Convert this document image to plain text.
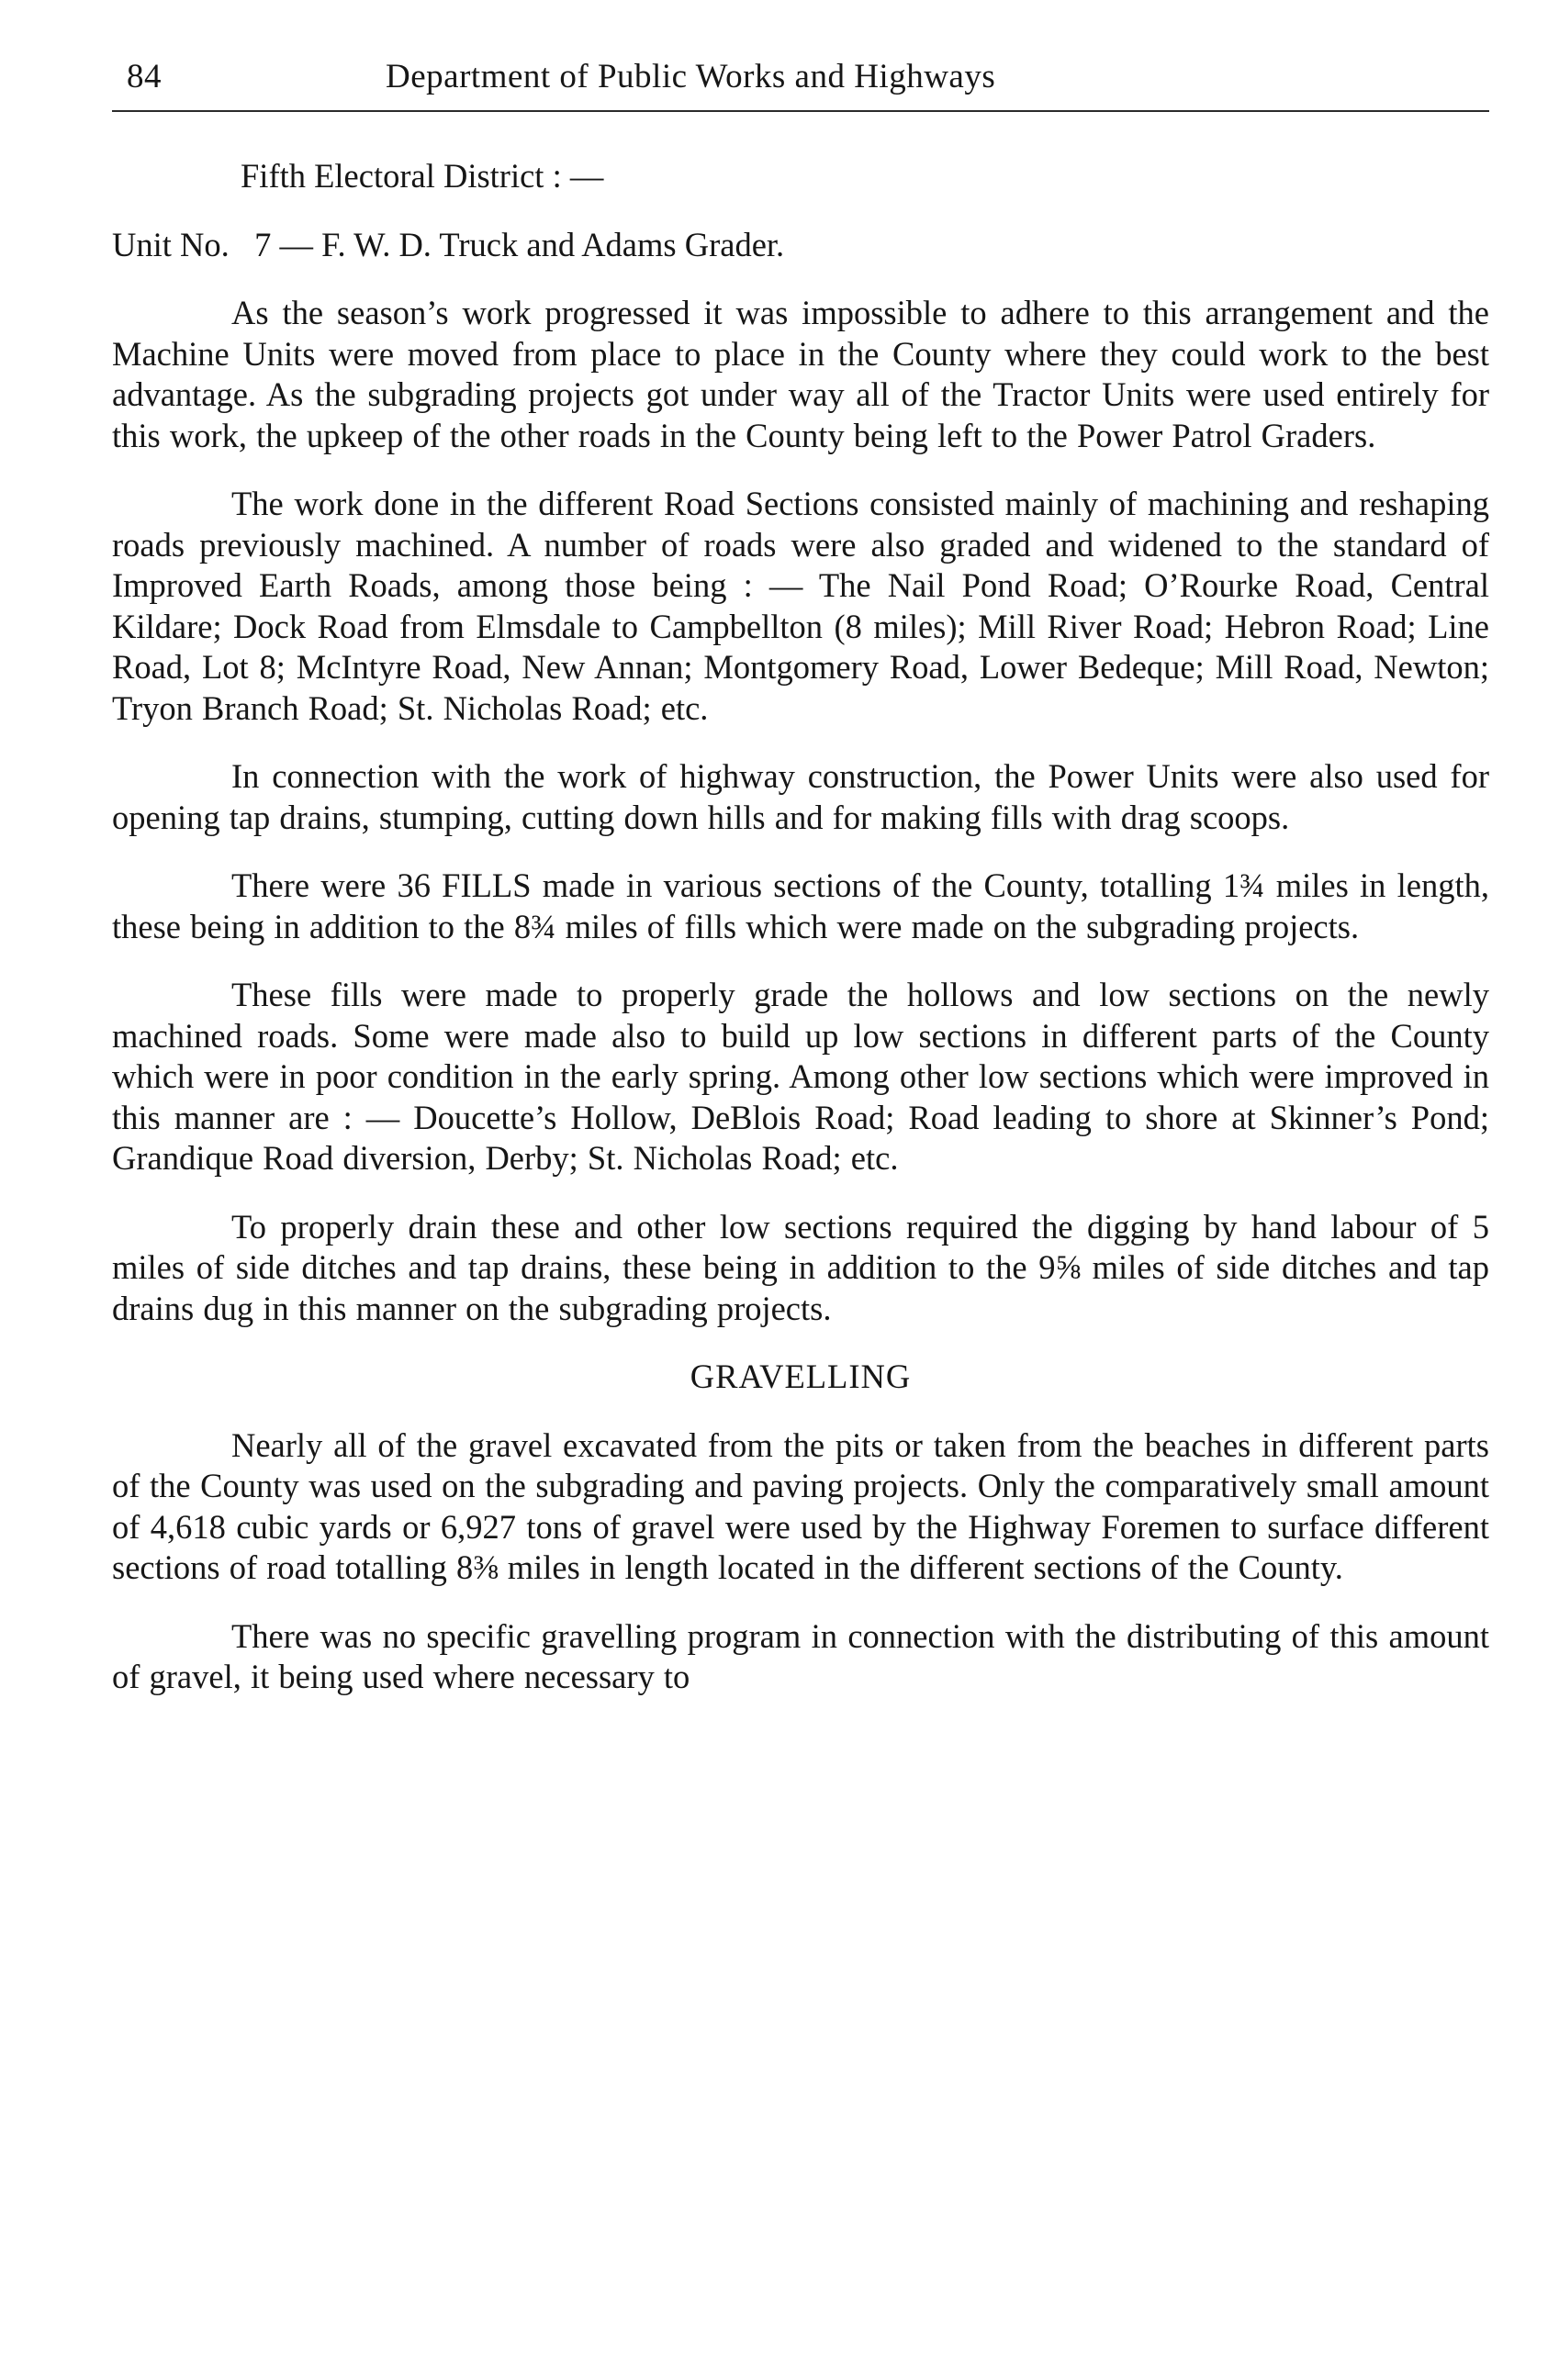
84	Department of Public Works and Highways
Fifth Electoral District : —
Unit No.   7 — F. W. D. Truck and Adams Grader.

As the season’s work progressed it was impossible to adhere to this arrangement and the Machine Units were moved from place to place in the County where they could work to the best advantage. As the subgrading projects got under way all of the Tractor Units were used entirely for this work, the upkeep of the other roads in the County being left to the Power Patrol Graders.

The work done in the different Road Sections consisted mainly of machining and reshaping roads previously machined. A number of roads were also graded and widened to the standard of Improved Earth Roads, among those being : — The Nail Pond Road; O’Rourke Road, Central Kildare; Dock Road from Elmsdale to Campbellton (8 miles); Mill River Road; Hebron Road; Line Road, Lot 8; McIntyre Road, New Annan; Montgomery Road, Lower Bedeque; Mill Road, Newton; Tryon Branch Road; St. Nicholas Road; etc.

In connection with the work of highway construction, the Power Units were also used for opening tap drains, stumping, cutting down hills and for making fills with drag scoops.

There were 36 FILLS made in various sections of the County, totalling 1¾ miles in length, these being in addition to the 8¾ miles of fills which were made on the subgrading projects.

These fills were made to properly grade the hollows and low sections on the newly machined roads. Some were made also to build up low sections in different parts of the County which were in poor condition in the early spring. Among other low sections which were improved in this manner are : — Doucette’s Hollow, DeBlois Road; Road leading to shore at Skinner’s Pond; Grandique Road diversion, Derby; St. Nicholas Road; etc.

To properly drain these and other low sections required the digging by hand labour of 5 miles of side ditches and tap drains, these being in addition to the 9⅝ miles of side ditches and tap drains dug in this manner on the subgrading projects.

GRAVELLING

Nearly all of the gravel excavated from the pits or taken from the beaches in different parts of the County was used on the subgrading and paving projects. Only the comparatively small amount of 4,618 cubic yards or 6,927 tons of gravel were used by the Highway Foremen to surface different sections of road totalling 8⅜ miles in length located in the different sections of the County.

There was no specific gravelling program in connection with the distributing of this amount of gravel, it being used where necessary to
